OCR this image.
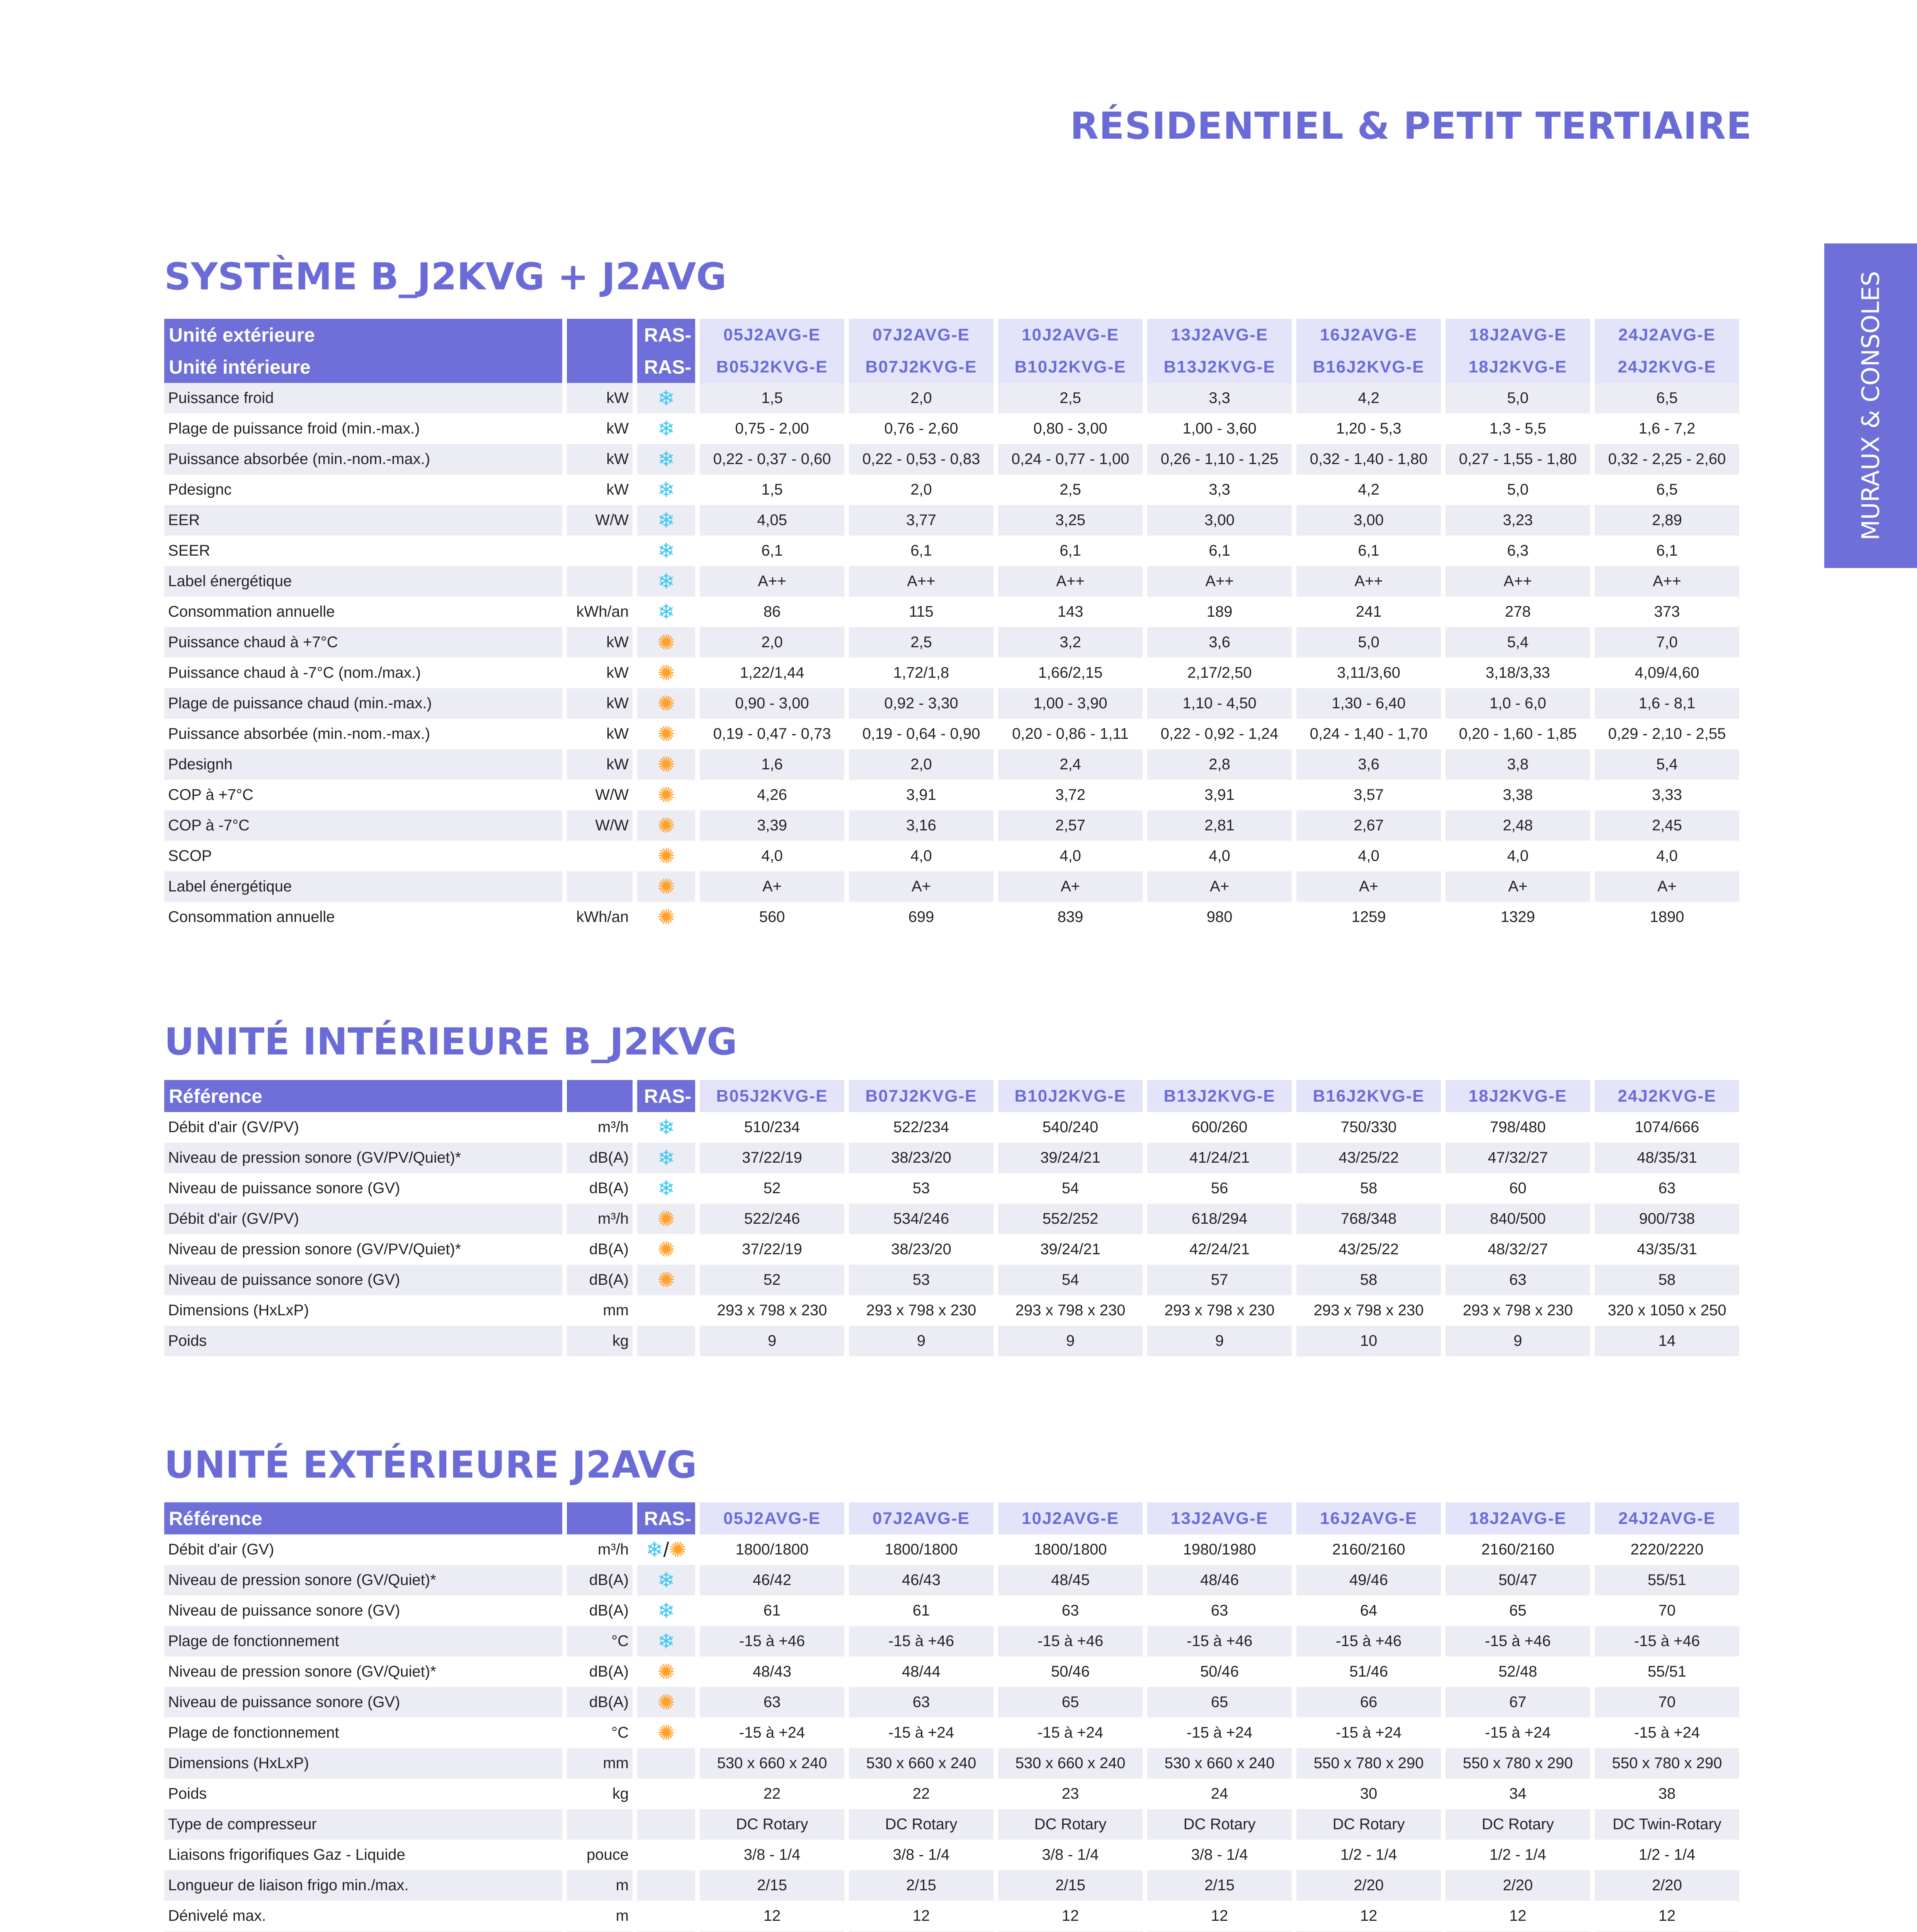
RÉSIDENTIEL & PETIT TERTIAIRE
MURAUX & CONSOLES
SYSTÈME B_J2KVG + J2AVG
Unité extérieure		RAS-	05J2AVG-E	07J2AVG-E	10J2AVG-E	13J2AVG-E	16J2AVG-E	18J2AVG-E	24J2AVG-E
Unité intérieure		RAS-	B05J2KVG-E	B07J2KVG-E	B10J2KVG-E	B13J2KVG-E	B16J2KVG-E	18J2KVG-E	24J2KVG-E
Puissance froid	kW	❄	1,5	2,0	2,5	3,3	4,2	5,0	6,5
Plage de puissance froid (min.-max.)	kW	❄	0,75 - 2,00	0,76 - 2,60	0,80 - 3,00	1,00 - 3,60	1,20 - 5,3	1,3 - 5,5	1,6 - 7,2
Puissance absorbée (min.-nom.-max.)	kW	❄	0,22 - 0,37 - 0,60	0,22 - 0,53 - 0,83	0,24 - 0,77 - 1,00	0,26 - 1,10 - 1,25	0,32 - 1,40 - 1,80	0,27 - 1,55 - 1,80	0,32 - 2,25 - 2,60
Pdesignc	kW	❄	1,5	2,0	2,5	3,3	4,2	5,0	6,5
EER	W/W	❄	4,05	3,77	3,25	3,00	3,00	3,23	2,89
SEER		❄	6,1	6,1	6,1	6,1	6,1	6,3	6,1
Label énergétique		❄	A++	A++	A++	A++	A++	A++	A++
Consommation annuelle	kWh/an	❄	86	115	143	189	241	278	373
Puissance chaud à +7°C	kW	✺	2,0	2,5	3,2	3,6	5,0	5,4	7,0
Puissance chaud à -7°C (nom./max.)	kW	✺	1,22/1,44	1,72/1,8	1,66/2,15	2,17/2,50	3,11/3,60	3,18/3,33	4,09/4,60
Plage de puissance chaud (min.-max.)	kW	✺	0,90 - 3,00	0,92 - 3,30	1,00 - 3,90	1,10 - 4,50	1,30 - 6,40	1,0 - 6,0	1,6 - 8,1
Puissance absorbée (min.-nom.-max.)	kW	✺	0,19 - 0,47 - 0,73	0,19 - 0,64 - 0,90	0,20 - 0,86 - 1,11	0,22 - 0,92 - 1,24	0,24 - 1,40 - 1,70	0,20 - 1,60 - 1,85	0,29 - 2,10 - 2,55
Pdesignh	kW	✺	1,6	2,0	2,4	2,8	3,6	3,8	5,4
COP à +7°C	W/W	✺	4,26	3,91	3,72	3,91	3,57	3,38	3,33
COP à -7°C	W/W	✺	3,39	3,16	2,57	2,81	2,67	2,48	2,45
SCOP		✺	4,0	4,0	4,0	4,0	4,0	4,0	4,0
Label énergétique		✺	A+	A+	A+	A+	A+	A+	A+
Consommation annuelle	kWh/an	✺	560	699	839	980	1259	1329	1890
UNITÉ INTÉRIEURE B_J2KVG
Référence		RAS-	B05J2KVG-E	B07J2KVG-E	B10J2KVG-E	B13J2KVG-E	B16J2KVG-E	18J2KVG-E	24J2KVG-E
Débit d'air (GV/PV)	m³/h	❄	510/234	522/234	540/240	600/260	750/330	798/480	1074/666
Niveau de pression sonore (GV/PV/Quiet)*	dB(A)	❄	37/22/19	38/23/20	39/24/21	41/24/21	43/25/22	47/32/27	48/35/31
Niveau de puissance sonore (GV)	dB(A)	❄	52	53	54	56	58	60	63
Débit d'air (GV/PV)	m³/h	✺	522/246	534/246	552/252	618/294	768/348	840/500	900/738
Niveau de pression sonore (GV/PV/Quiet)*	dB(A)	✺	37/22/19	38/23/20	39/24/21	42/24/21	43/25/22	48/32/27	43/35/31
Niveau de puissance sonore (GV)	dB(A)	✺	52	53	54	57	58	63	58
Dimensions (HxLxP)	mm		293 x 798 x 230	293 x 798 x 230	293 x 798 x 230	293 x 798 x 230	293 x 798 x 230	293 x 798 x 230	320 x 1050 x 250
Poids	kg		9	9	9	9	10	9	14
UNITÉ EXTÉRIEURE J2AVG
Référence		RAS-	05J2AVG-E	07J2AVG-E	10J2AVG-E	13J2AVG-E	16J2AVG-E	18J2AVG-E	24J2AVG-E
Débit d'air (GV)	m³/h	❄/✺	1800/1800	1800/1800	1800/1800	1980/1980	2160/2160	2160/2160	2220/2220
Niveau de pression sonore (GV/Quiet)*	dB(A)	❄	46/42	46/43	48/45	48/46	49/46	50/47	55/51
Niveau de puissance sonore (GV)	dB(A)	❄	61	61	63	63	64	65	70
Plage de fonctionnement	°C	❄	-15 à +46	-15 à +46	-15 à +46	-15 à +46	-15 à +46	-15 à +46	-15 à +46
Niveau de pression sonore (GV/Quiet)*	dB(A)	✺	48/43	48/44	50/46	50/46	51/46	52/48	55/51
Niveau de puissance sonore (GV)	dB(A)	✺	63	63	65	65	66	67	70
Plage de fonctionnement	°C	✺	-15 à +24	-15 à +24	-15 à +24	-15 à +24	-15 à +24	-15 à +24	-15 à +24
Dimensions (HxLxP)	mm		530 x 660 x 240	530 x 660 x 240	530 x 660 x 240	530 x 660 x 240	550 x 780 x 290	550 x 780 x 290	550 x 780 x 290
Poids	kg		22	22	23	24	30	34	38
Type de compresseur			DC Rotary	DC Rotary	DC Rotary	DC Rotary	DC Rotary	DC Rotary	DC Twin-Rotary
Liaisons frigorifiques Gaz - Liquide	pouce		3/8 - 1/4	3/8 - 1/4	3/8 - 1/4	3/8 - 1/4	1/2 - 1/4	1/2 - 1/4	1/2 - 1/4
Longueur de liaison frigo min./max.	m		2/15	2/15	2/15	2/15	2/20	2/20	2/20
Dénivelé max.	m		12	12	12	12	12	12	12
